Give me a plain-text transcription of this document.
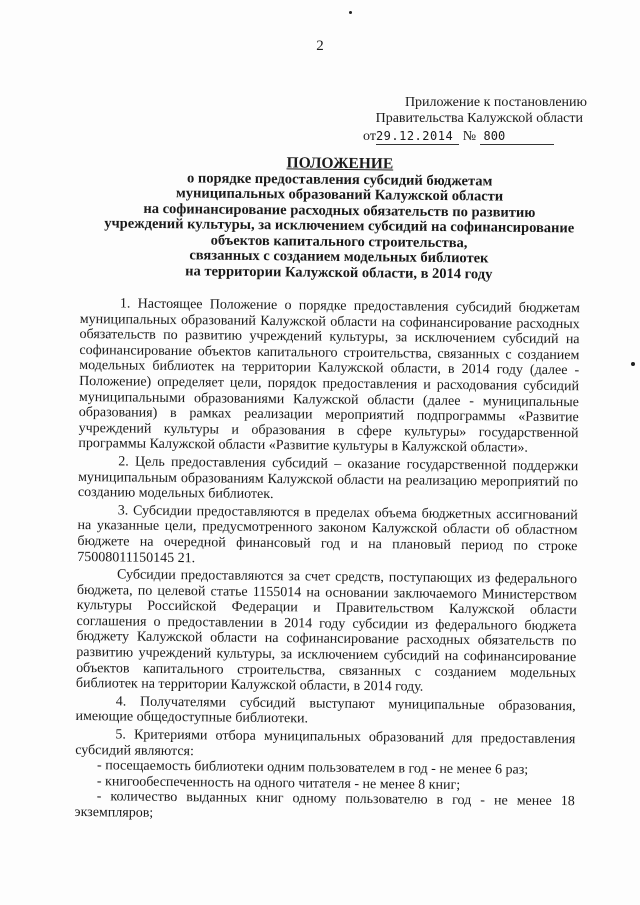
2
Приложение к постановлению
Правительства Калужской области
от29.12.2014 № 800
ПОЛОЖЕНИЕ
о порядке предоставления субсидий бюджетам
муниципальных образований Калужской области
на софинансирование расходных обязательств по развитию
учреждений культуры, за исключением субсидий на софинансирование
объектов капитального строительства,
связанных с созданием модельных библиотек
на территории Калужской области, в 2014 году

1. Настоящее Положение о порядке предоставления субсидий бюджетам муниципальных образований Калужской области на софинансирование расходных обязательств по развитию учреждений культуры, за исключением субсидий на софинансирование объектов капитального строительства, связанных с созданием модельных библиотек на территории Калужской области, в 2014 году (далее - Положение) определяет цели, порядок предоставления и расходования субсидий муниципальными образованиями Калужской области (далее - муниципальные образования) в рамках реализации мероприятий подпрограммы «Развитие учреждений культуры и образования в сфере культуры» государственной программы Калужской области «Развитие культуры в Калужской области».

2. Цель предоставления субсидий – оказание государственной поддержки муниципальным образованиям Калужской области на реализацию мероприятий по созданию модельных библиотек.

3. Субсидии предоставляются в пределах объема бюджетных ассигнований на указанные цели, предусмотренного законом Калужской области об областном бюджете на очередной финансовый год и на плановый период по строке 75008011150145 21.

Субсидии предоставляются за счет средств, поступающих из федерального бюджета, по целевой статье 1155014 на основании заключаемого Министерством культуры Российской Федерации и Правительством Калужской области соглашения о предоставлении в 2014 году субсидии из федерального бюджета бюджету Калужской области на софинансирование расходных обязательств по развитию учреждений культуры, за исключением субсидий на софинансирование объектов капитального строительства, связанных с созданием модельных библиотек на территории Калужской области, в 2014 году.

4. Получателями субсидий выступают муниципальные образования, имеющие общедоступные библиотеки.

5. Критериями отбора муниципальных образований для предоставления субсидий являются:

- посещаемость библиотеки одним пользователем в год - не менее 6 раз;

- книгообеспеченность на одного читателя - не менее 8 книг;

- количество выданных книг одному пользователю в год - не менее 18 экземпляров;
